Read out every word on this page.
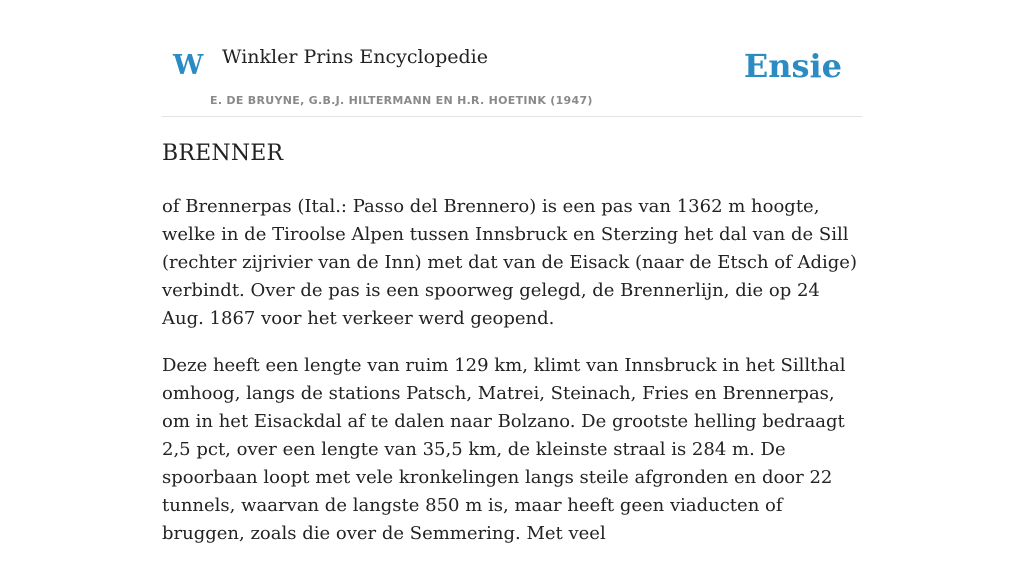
W Winkler Prins Encyclopedie
E. DE BRUYNE, G.B.J. HILTERMANN EN H.R. HOETINK (1947)
Ensie
BRENNER

of Brennerpas (Ital.: Passo del Brennero) is een pas van 1362 m hoogte, welke in de Tiroolse Alpen tussen Innsbruck en Sterzing het dal van de Sill (rechter zijrivier van de Inn) met dat van de Eisack (naar de Etsch of Adige) verbindt. Over de pas is een spoorweg gelegd, de Brennerlijn, die op 24 Aug. 1867 voor het verkeer werd geopend.

Deze heeft een lengte van ruim 129 km, klimt van Innsbruck in het Sillthal omhoog, langs de stations Patsch, Matrei, Steinach, Fries en Brennerpas, om in het Eisackdal af te dalen naar Bolzano. De grootste helling bedraagt 2,5 pct, over een lengte van 35,5 km, de kleinste straal is 284 m. De spoorbaan loopt met vele kronkelingen langs steile afgronden en door 22 tunnels, waarvan de langste 850 m is, maar heeft geen viaducten of bruggen, zoals die over de Semmering. Met veel
